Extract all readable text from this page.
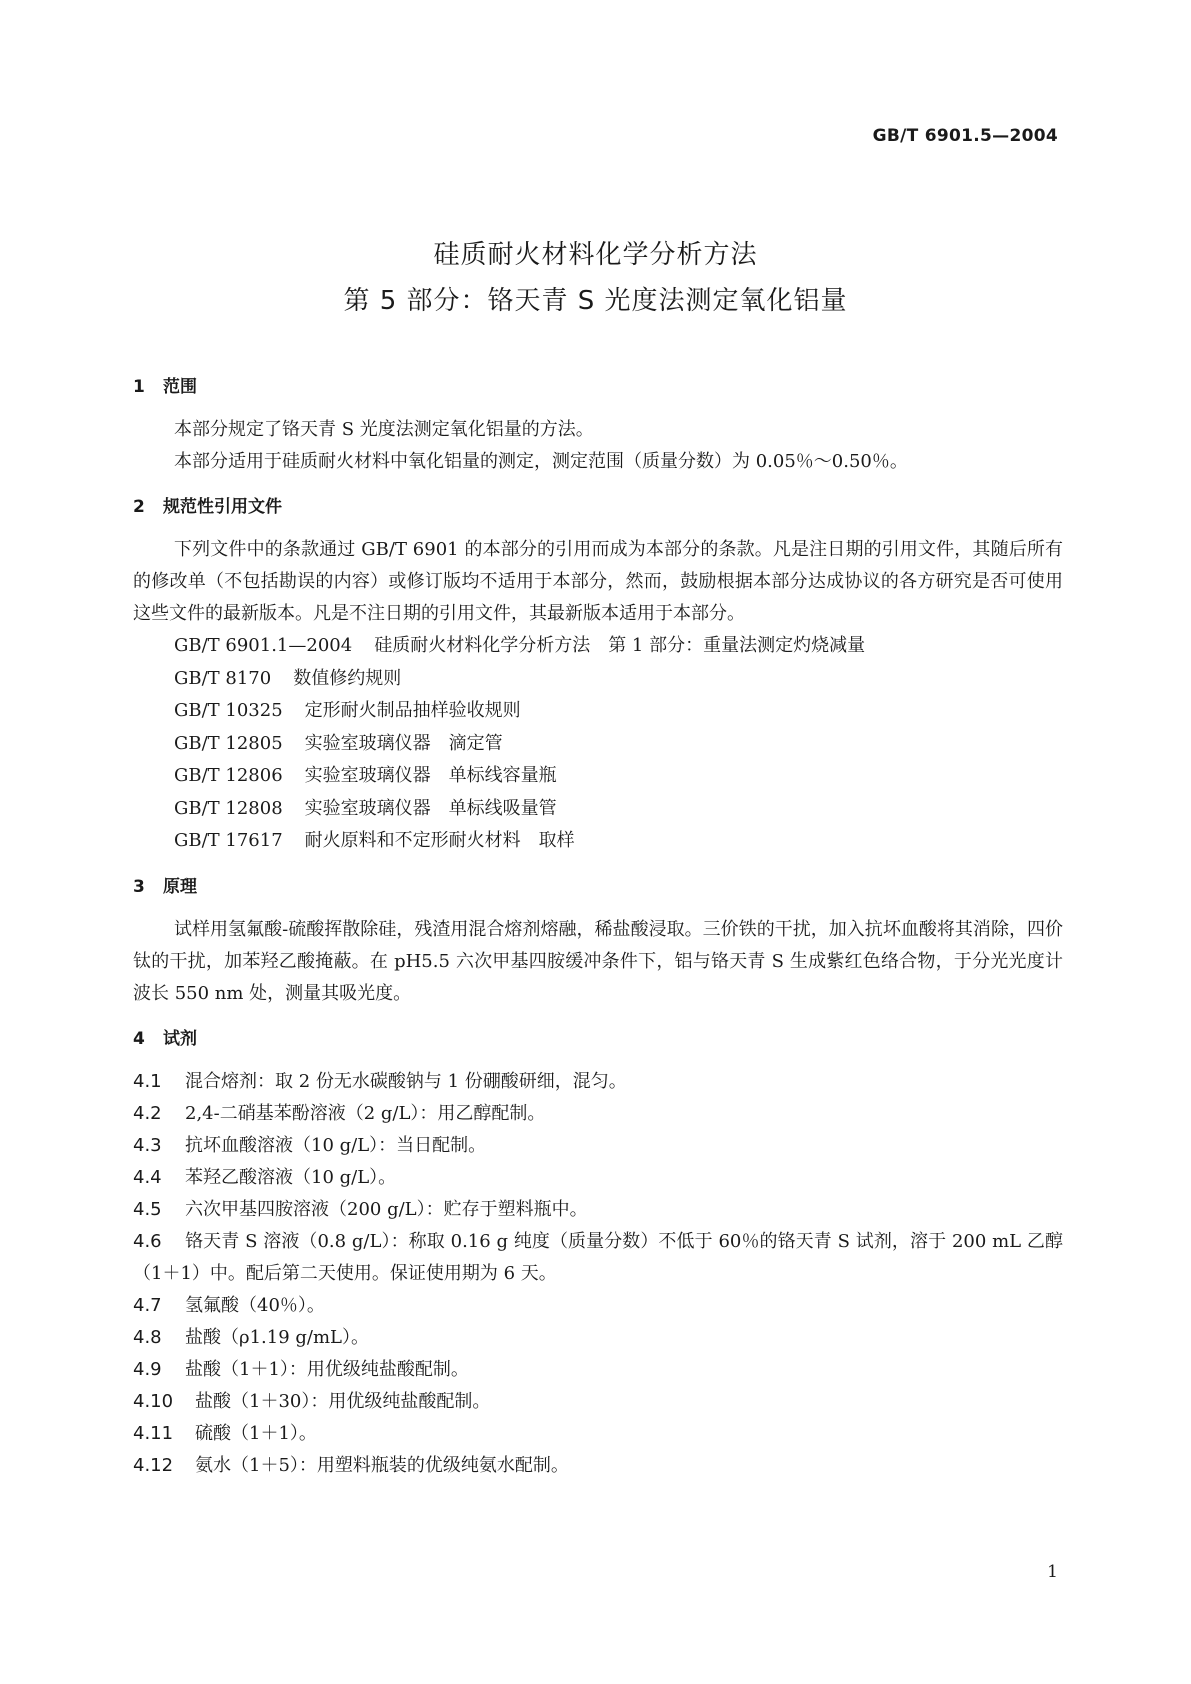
GB/T 6901.5—2004
硅质耐火材料化学分析方法
第 5 部分：铬天青 S 光度法测定氧化铝量
1 范围

本部分规定了铬天青 S 光度法测定氧化铝量的方法。

本部分适用于硅质耐火材料中氧化铝量的测定，测定范围（质量分数）为 0.05％～0.50％。

2 规范性引用文件

下列文件中的条款通过 GB/T 6901 的本部分的引用而成为本部分的条款。凡是注日期的引用文件，其随后所有的修改单（不包括勘误的内容）或修订版均不适用于本部分，然而，鼓励根据本部分达成协议的各方研究是否可使用这些文件的最新版本。凡是不注日期的引用文件，其最新版本适用于本部分。

GB/T 6901.1—2004 硅质耐火材料化学分析方法　第 1 部分：重量法测定灼烧减量
GB/T 8170 数值修约规则
GB/T 10325 定形耐火制品抽样验收规则
GB/T 12805 实验室玻璃仪器　滴定管
GB/T 12806 实验室玻璃仪器　单标线容量瓶
GB/T 12808 实验室玻璃仪器　单标线吸量管
GB/T 17617 耐火原料和不定形耐火材料　取样
3 原理

试样用氢氟酸-硫酸挥散除硅，残渣用混合熔剂熔融，稀盐酸浸取。三价铁的干扰，加入抗坏血酸将其消除，四价钛的干扰，加苯羟乙酸掩蔽。在 pH5.5 六次甲基四胺缓冲条件下，铝与铬天青 S 生成紫红色络合物，于分光光度计波长 550 nm 处，测量其吸光度。

4 试剂
4.1 混合熔剂：取 2 份无水碳酸钠与 1 份硼酸研细，混匀。
4.2 2,4-二硝基苯酚溶液（2 g/L）：用乙醇配制。
4.3 抗坏血酸溶液（10 g/L）：当日配制。
4.4 苯羟乙酸溶液（10 g/L）。
4.5 六次甲基四胺溶液（200 g/L）：贮存于塑料瓶中。
4.6 铬天青 S 溶液（0.8 g/L）：称取 0.16 g 纯度（质量分数）不低于 60％的铬天青 S 试剂，溶于 200 mL 乙醇（1＋1）中。配后第二天使用。保证使用期为 6 天。
4.7 氢氟酸（40％）。
4.8 盐酸（ρ1.19 g/mL）。
4.9 盐酸（1＋1）：用优级纯盐酸配制。
4.10 盐酸（1＋30）：用优级纯盐酸配制。
4.11 硫酸（1＋1）。
4.12 氨水（1＋5）：用塑料瓶装的优级纯氨水配制。
1
